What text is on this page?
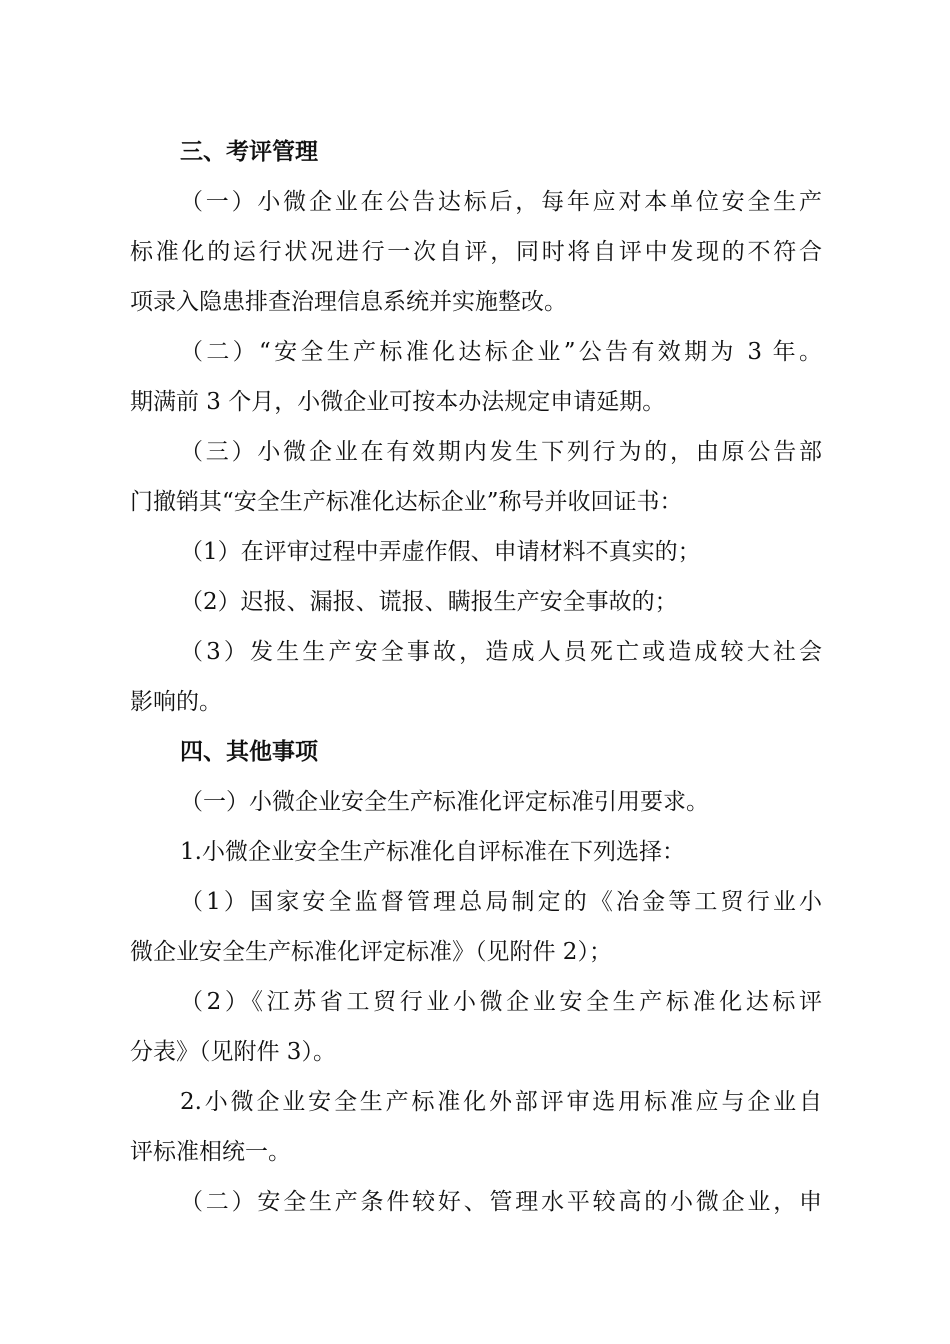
三、考评管理
（一）小微企业在公告达标后，每年应对本单位安全生产
标准化的运行状况进行一次自评，同时将自评中发现的不符合
项录入隐患排查治理信息系统并实施整改。
（二）“安全生产标准化达标企业”公告有效期为 3 年。
期满前 3 个月，小微企业可按本办法规定申请延期。
（三）小微企业在有效期内发生下列行为的，由原公告部
门撤销其“安全生产标准化达标企业”称号并收回证书：
（1）在评审过程中弄虚作假、申请材料不真实的；
（2）迟报、漏报、谎报、瞒报生产安全事故的；
（3）发生生产安全事故，造成人员死亡或造成较大社会
影响的。
四、其他事项
（一）小微企业安全生产标准化评定标准引用要求。
1.小微企业安全生产标准化自评标准在下列选择：
（1）国家安全监督管理总局制定的《冶金等工贸行业小
微企业安全生产标准化评定标准》（见附件 2）；
（2）《江苏省工贸行业小微企业安全生产标准化达标评
分表》（见附件 3）。
2.小微企业安全生产标准化外部评审选用标准应与企业自
评标准相统一。
（二）安全生产条件较好、管理水平较高的小微企业，申
